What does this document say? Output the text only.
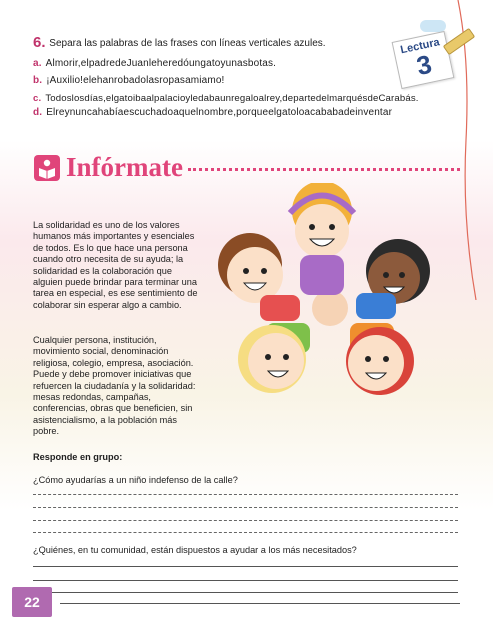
6. Separa las palabras de las frases con líneas verticales azules.
a. Almorir,elpadredeJuanleheredóungatoyunasbotas.
b. ¡Auxilio!elehanrobadolasropasamiamo!
c. Todoslosdías,elgatoibaalpalacioyledabaunregaloalrey,departedelmarquésdeCarabás.
d. Elreynuncahabíaescuchadoaquelnombre,porqueelgatoloacababadeinventar
Lectura
3
Infórmate
La solidaridad es uno de los valores humanos más importantes y esenciales de todos. Es lo que hace una persona cuando otro necesita de su ayuda; la solidaridad es la colaboración que alguien puede brindar para terminar una tarea en especial, es ese sentimiento de colaborar sin esperar algo a cambio.
Cualquier persona, institución, movimiento social, denominación religiosa, colegio, empresa, asociación. Puede y debe promover iniciativas que refuercen la ciudadanía y la solidaridad: mesas redondas, campañas, conferencias, obras que beneficien, sin asistencialismo, a la población más pobre.
Responde en grupo:
¿Cómo ayudarías a un niño indefenso de la calle?
¿Quiénes, en tu comunidad, están dispuestos a ayudar a los más necesitados?
22
